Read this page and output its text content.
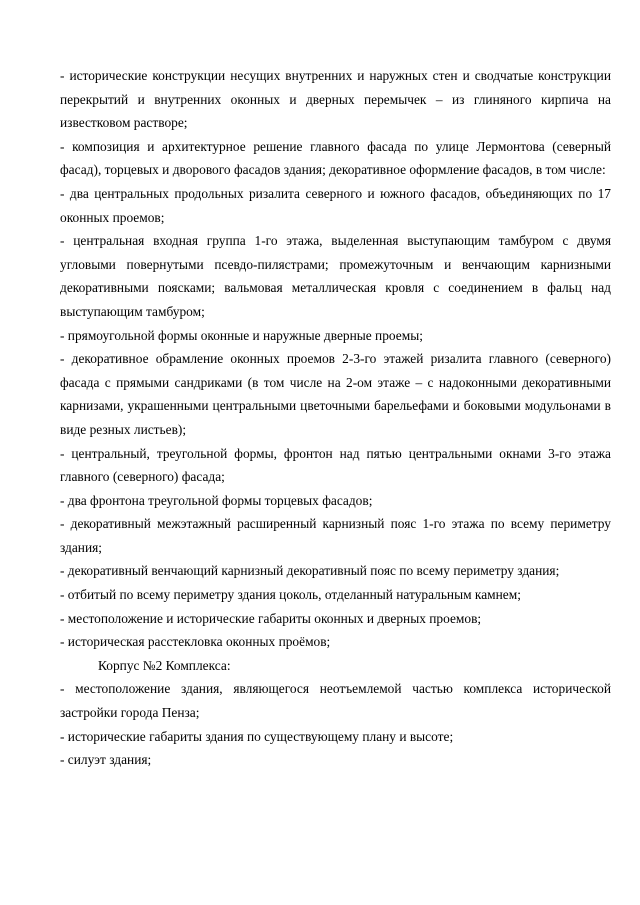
- исторические конструкции несущих внутренних и наружных стен и сводчатые конструкции перекрытий и внутренних оконных и дверных перемычек – из глиняного кирпича на известковом растворе;

- композиция и архитектурное решение главного фасада по улице Лермонтова (северный фасад), торцевых и дворового фасадов здания; декоративное оформление фасадов, в том числе:

- два центральных продольных ризалита северного и южного фасадов, объединяющих по 17 оконных проемов;

- центральная входная группа 1-го этажа, выделенная выступающим тамбуром с двумя угловыми повернутыми псевдо-пилястрами; промежуточным и венчающим карнизными декоративными поясками; вальмовая металлическая кровля с соединением в фальц над выступающим тамбуром;

- прямоугольной формы оконные и наружные дверные проемы;

- декоративное обрамление оконных проемов 2-3-го этажей ризалита главного (северного) фасада с прямыми сандриками (в том числе на 2-ом этаже – с надоконными декоративными карнизами, украшенными центральными цветочными барельефами и боковыми модульонами в виде резных листьев);

- центральный, треугольной формы, фронтон над пятью центральными окнами 3-го этажа главного (северного) фасада;

- два фронтона треугольной формы торцевых фасадов;

- декоративный межэтажный расширенный карнизный пояс 1-го этажа по всему периметру здания;

- декоративный венчающий карнизный декоративный пояс по всему периметру здания;

- отбитый по всему периметру здания цоколь, отделанный натуральным камнем;

- местоположение и исторические габариты оконных и дверных проемов;

- историческая расстекловка оконных проёмов;

Корпус №2 Комплекса:

- местоположение здания, являющегося неотъемлемой частью комплекса исторической застройки города Пенза;

- исторические габариты здания по существующему плану и высоте;

- силуэт здания;
